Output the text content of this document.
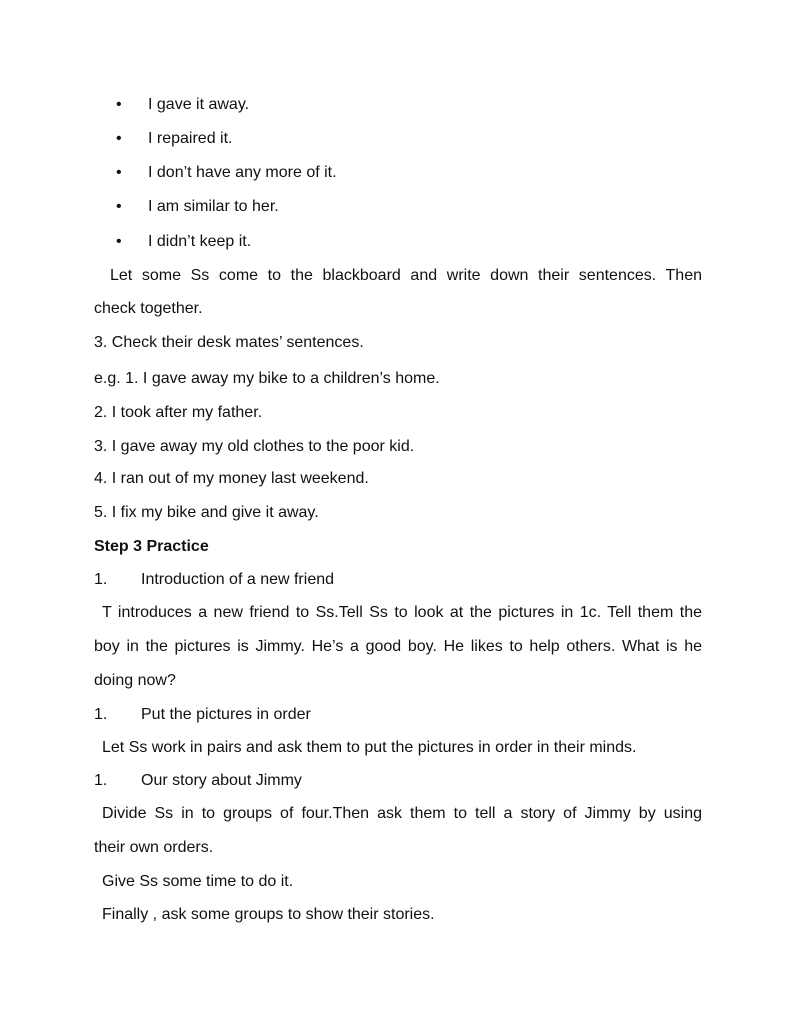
• I gave it away.
• I repaired it.
• I don’t have any more of it.
• I am similar to her.
• I didn’t keep it.
Let some Ss come to the blackboard and write down their sentences. Then
check together.
3. Check their desk mates’ sentences.
e.g. 1. I gave away my bike to a children’s home.
2. I took after my father.
3. I gave away my old clothes to the poor kid.
4. I ran out of my money last weekend.
5. I fix my bike and give it away.
Step 3 Practice
1. Introduction of a new friend
T introduces a new friend to Ss.Tell Ss to look at the pictures in 1c. Tell them the
boy in the pictures is Jimmy. He’s a good boy. He likes to help others. What is he
doing now?
1. Put the pictures in order
Let Ss work in pairs and ask them to put the pictures in order in their minds.
1. Our story about Jimmy
Divide Ss in to groups of four.Then ask them to tell a story of Jimmy by using
their own orders.
Give Ss some time to do it.
Finally , ask some groups to show their stories.
